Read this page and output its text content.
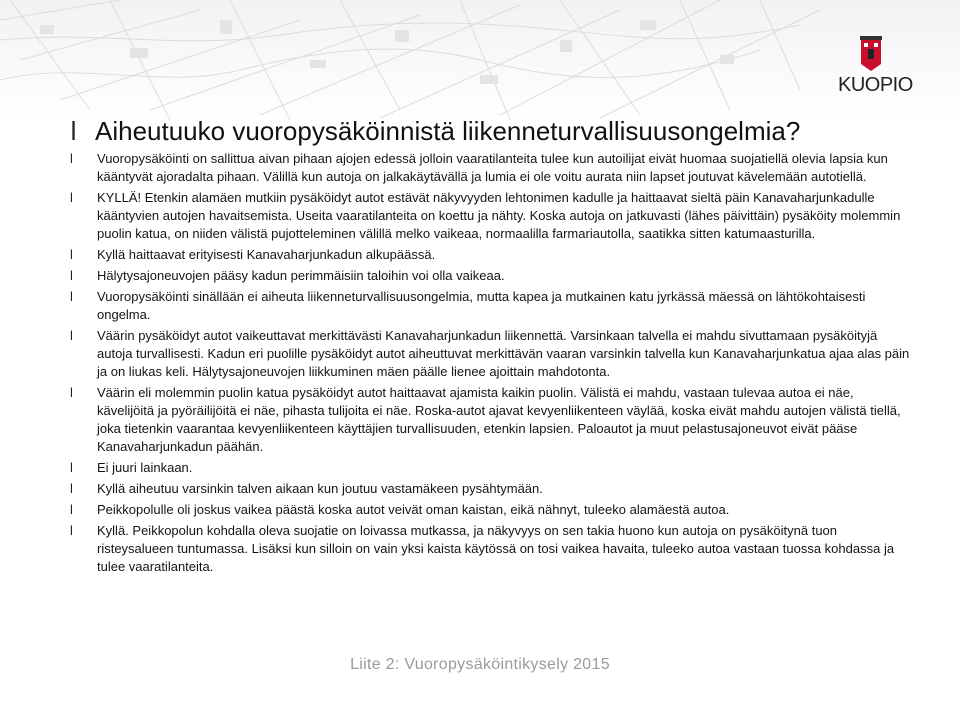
KUOPIO
l Aiheutuuko vuoropysäköinnistä liikenneturvallisuusongelmia?
l	Vuoropysäköinti on sallittua aivan pihaan ajojen edessä jolloin vaaratilanteita tulee kun autoilijat eivät huomaa suojatiellä olevia lapsia kun kääntyvät ajoradalta pihaan. Välillä kun autoja on jalkakäytävällä ja lumia ei ole voitu aurata niin lapset joutuvat kävelemään autotiellä.
l	KYLLÄ! Etenkin alamäen mutkiin pysäköidyt autot estävät näkyvyyden lehtonimen kadulle ja haittaavat sieltä päin Kanavaharjunkadulle kääntyvien autojen havaitsemista. Useita vaaratilanteita on koettu ja nähty. Koska autoja on jatkuvasti (lähes päivittäin) pysäköity molemmin puolin katua, on niiden välistä pujotteleminen välillä melko vaikeaa, normaalilla farmariautolla, saatikka sitten katumaasturilla.
l	Kyllä haittaavat erityisesti Kanavaharjunkadun alkupäässä.
l	Hälytysajoneuvojen pääsy kadun perimmäisiin taloihin voi olla vaikeaa.
l	Vuoropysäköinti sinällään ei aiheuta liikenneturvallisuusongelmia, mutta kapea ja mutkainen katu jyrkässä mäessä on lähtökohtaisesti ongelma.
l	Väärin pysäköidyt autot vaikeuttavat merkittävästi Kanavaharjunkadun liikennettä. Varsinkaan talvella ei mahdu sivuttamaan pysäköityjä autoja turvallisesti. Kadun eri puolille pysäköidyt autot aiheuttuvat merkittävän vaaran varsinkin talvella kun Kanavaharjunkatua ajaa alas päin ja on liukas keli. Hälytysajoneuvojen liikkuminen mäen päälle lienee ajoittain mahdotonta.
l	Väärin eli molemmin puolin katua pysäköidyt autot haittaavat ajamista kaikin puolin. Välistä ei mahdu, vastaan tulevaa autoa ei näe, kävelijöitä ja pyöräilijöitä ei näe, pihasta tulijoita ei näe. Roska-autot ajavat kevyenliikenteen väylää, koska eivät mahdu autojen välistä tiellä, joka tietenkin vaarantaa kevyenliikenteen käyttäjien turvallisuuden, etenkin lapsien. Paloautot ja muut pelastusajoneuvot eivät pääse Kanavaharjunkadun päähän.
l	Ei juuri lainkaan.
l	Kyllä aiheutuu varsinkin talven aikaan kun joutuu vastamäkeen pysähtymään.
l	Peikkopolulle oli joskus vaikea päästä koska autot veivät oman kaistan, eikä nähnyt, tuleeko alamäestä autoa.
l	Kyllä. Peikkopolun kohdalla oleva suojatie on loivassa mutkassa, ja näkyvyys on sen takia huono kun autoja on pysäköitynä tuon risteysalueen tuntumassa. Lisäksi kun silloin on vain yksi kaista käytössä on tosi vaikea havaita, tuleeko autoa vastaan tuossa kohdassa ja tulee vaaratilanteita.
Liite 2: Vuoropysäköintikysely 2015
